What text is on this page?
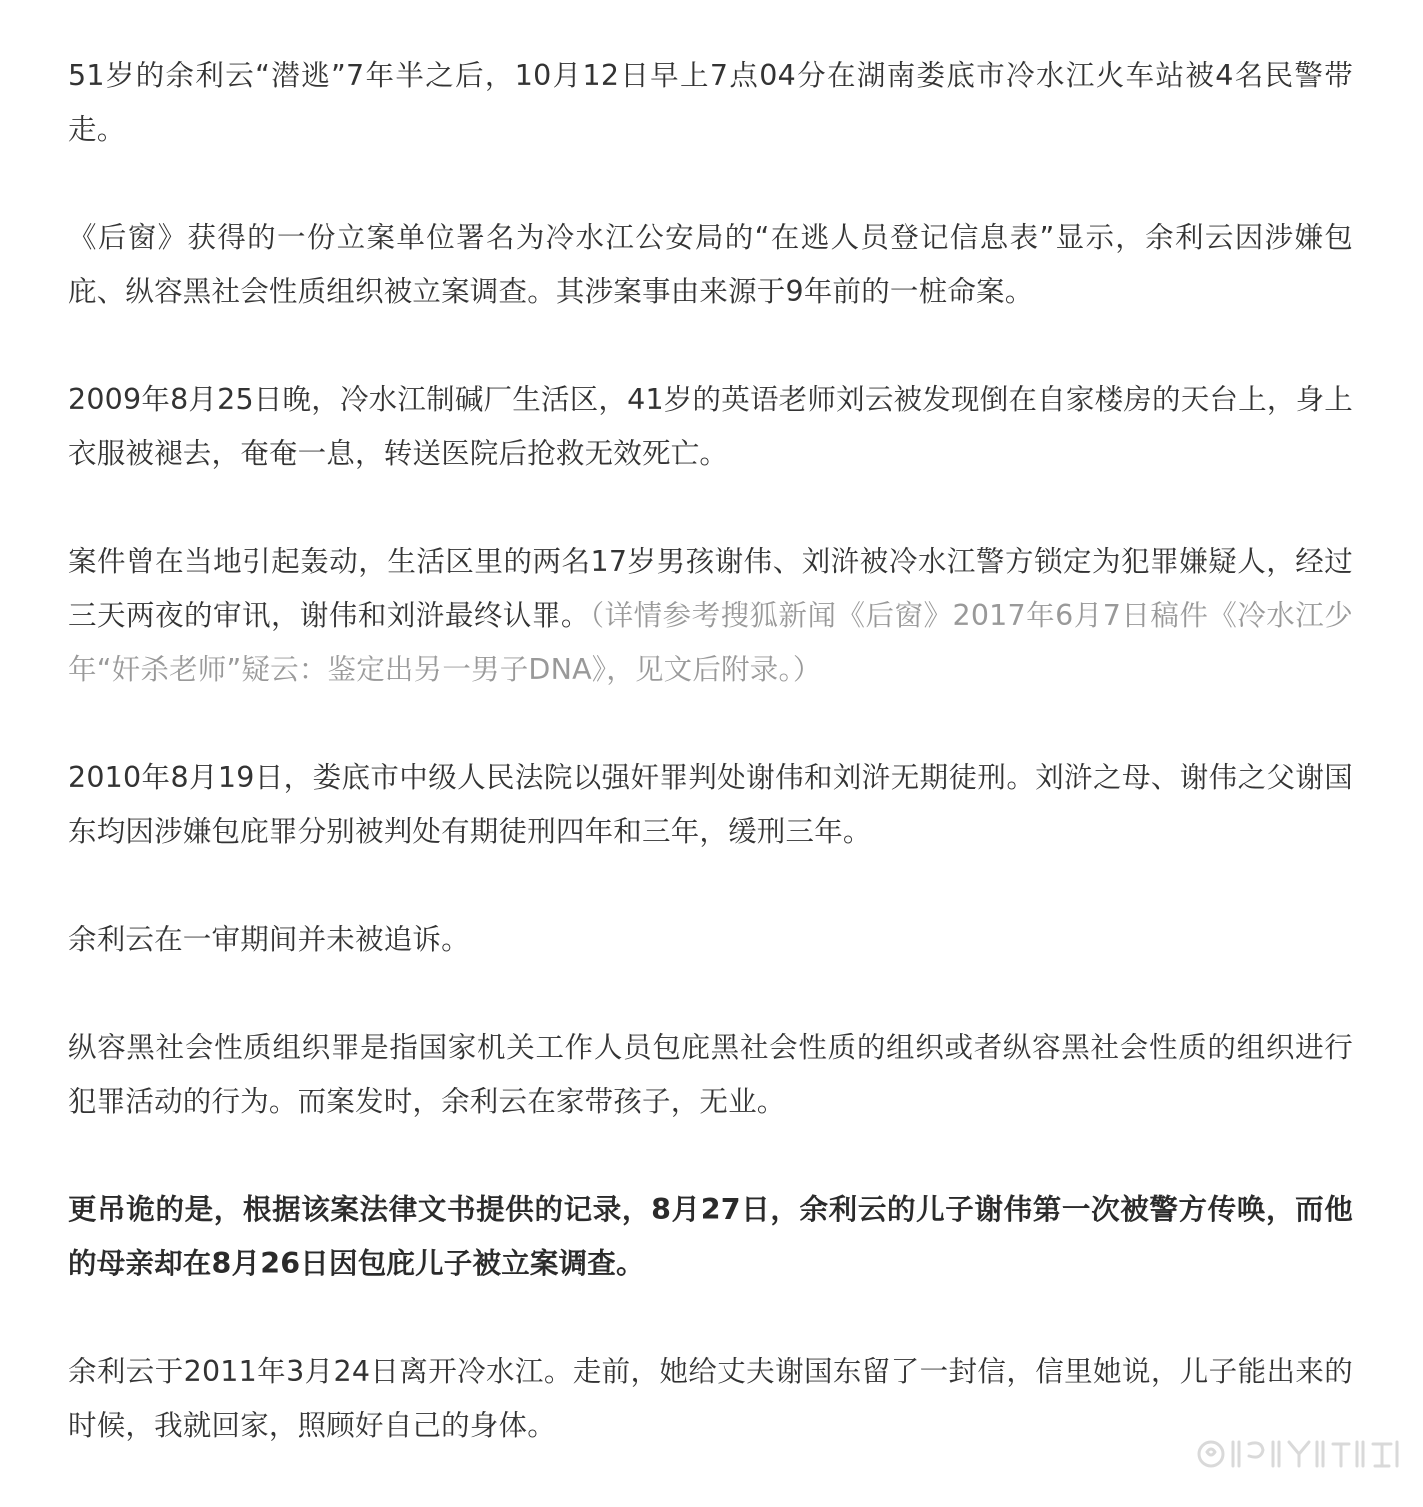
51岁的余利云“潜逃”7年半之后，10月12日早上7点04分在湖南娄底市冷水江火车站被4名民警带走。

《后窗》获得的一份立案单位署名为冷水江公安局的“在逃人员登记信息表”显示，余利云因涉嫌包庇、纵容黑社会性质组织被立案调查。其涉案事由来源于9年前的一桩命案。

2009年8月25日晚，冷水江制碱厂生活区，41岁的英语老师刘云被发现倒在自家楼房的天台上，身上衣服被褪去，奄奄一息，转送医院后抢救无效死亡。

案件曾在当地引起轰动，生活区里的两名17岁男孩谢伟、刘浒被冷水江警方锁定为犯罪嫌疑人，经过三天两夜的审讯，谢伟和刘浒最终认罪。（详情参考搜狐新闻《后窗》2017年6月7日稿件《冷水江少年“奸杀老师”疑云：鉴定出另一男子DNA》，见文后附录。）

2010年8月19日，娄底市中级人民法院以强奸罪判处谢伟和刘浒无期徒刑。刘浒之母、谢伟之父谢国东均因涉嫌包庇罪分别被判处有期徒刑四年和三年，缓刑三年。

余利云在一审期间并未被追诉。

纵容黑社会性质组织罪是指国家机关工作人员包庇黑社会性质的组织或者纵容黑社会性质的组织进行犯罪活动的行为。而案发时，余利云在家带孩子，无业。

更吊诡的是，根据该案法律文书提供的记录，8月27日，余利云的儿子谢伟第一次被警方传唤，而他的母亲却在8月26日因包庇儿子被立案调查。

余利云于2011年3月24日离开冷水江。走前，她给丈夫谢国东留了一封信，信里她说，儿子能出来的时候，我就回家，照顾好自己的身体。
